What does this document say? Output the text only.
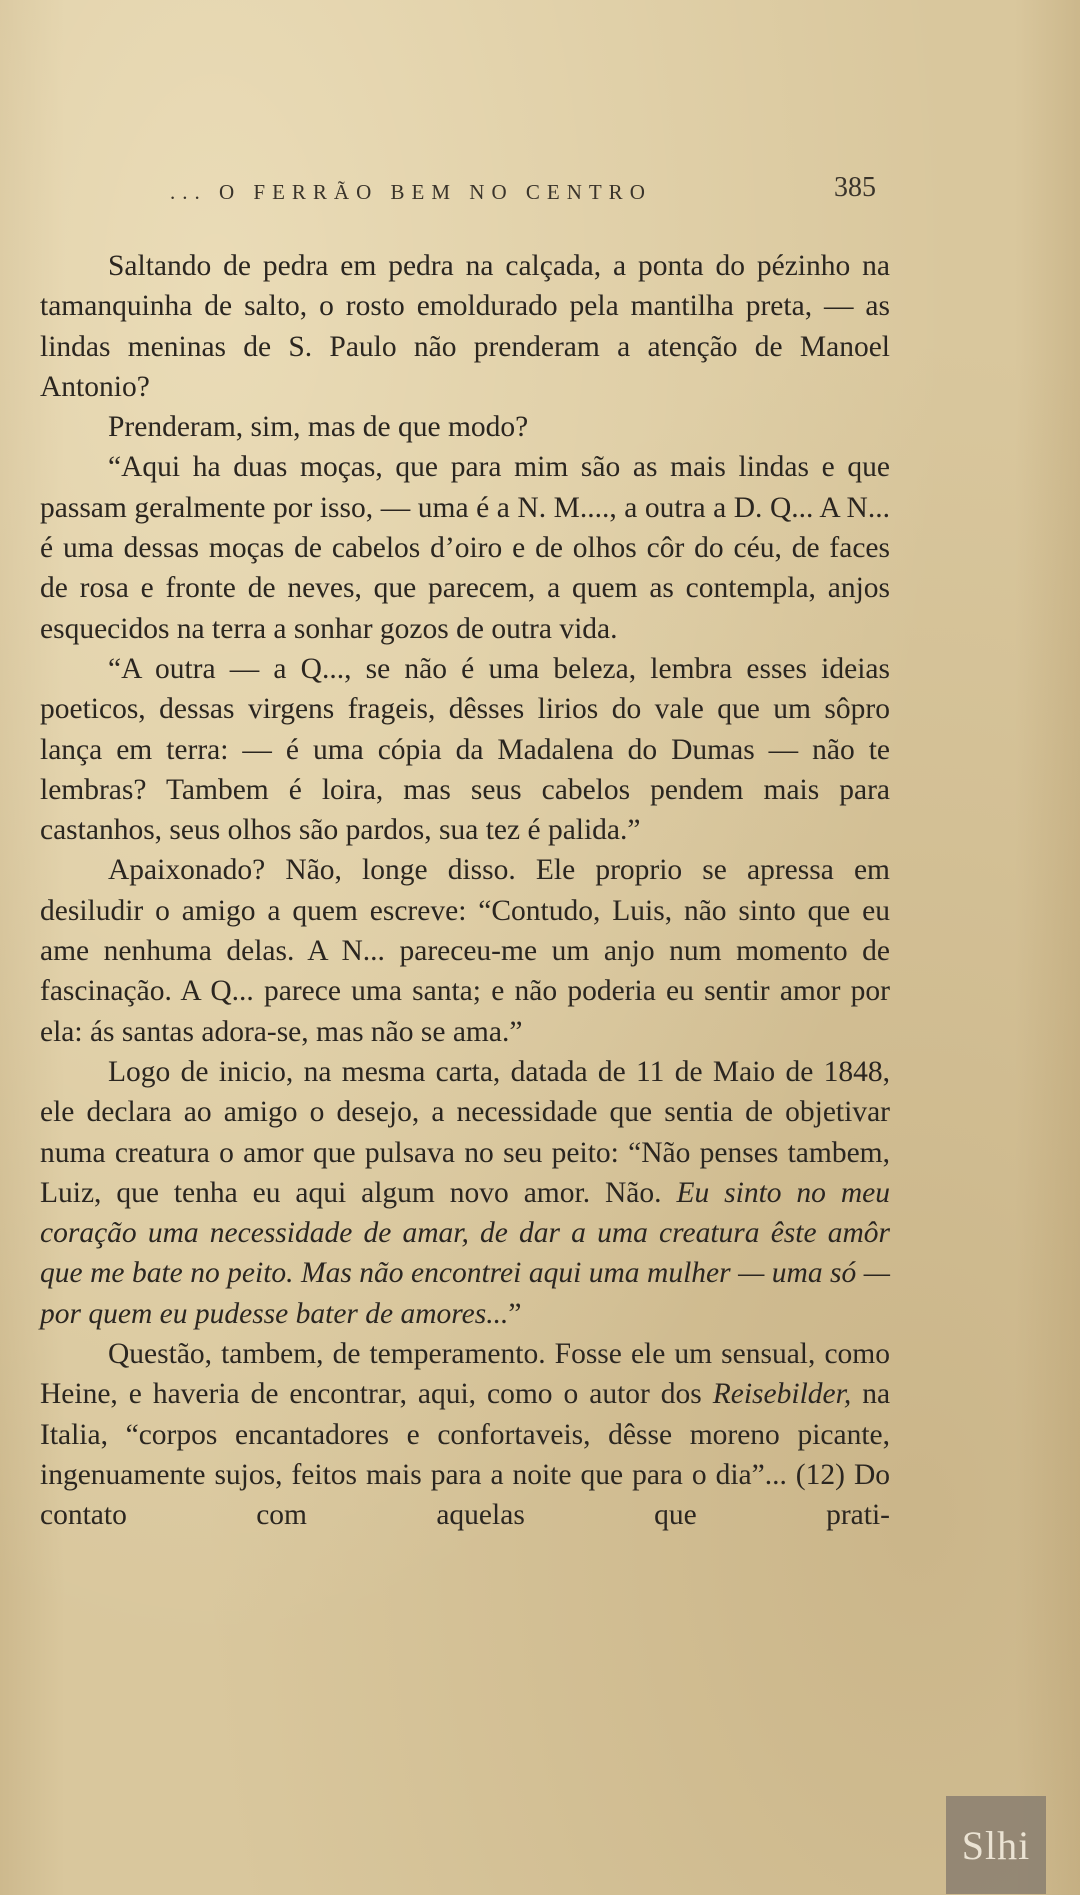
... O FERRÃO BEM NO CENTRO	385

Saltando de pedra em pedra na calçada, a ponta do pézinho na tamanquinha de salto, o rosto emoldurado pela mantilha preta, — as lindas meninas de S. Paulo não prenderam a atenção de Manoel Antonio?

Prenderam, sim, mas de que modo?

“Aqui ha duas moças, que para mim são as mais lindas e que passam geralmente por isso, — uma é a N. M...., a outra a D. Q... A N... é uma dessas moças de cabelos d’oiro e de olhos côr do céu, de faces de rosa e fronte de neves, que parecem, a quem as contempla, anjos esquecidos na terra a sonhar gozos de outra vida.

“A outra — a Q..., se não é uma beleza, lembra esses ideias poeticos, dessas virgens frageis, dêsses lirios do vale que um sôpro lança em terra: — é uma cópia da Madalena do Dumas — não te lembras? Tambem é loira, mas seus cabelos pendem mais para castanhos, seus olhos são pardos, sua tez é palida.”

Apaixonado? Não, longe disso. Ele proprio se apressa em desiludir o amigo a quem escreve: “Contudo, Luis, não sinto que eu ame nenhuma delas. A N... pareceu-me um anjo num momento de fascinação. A Q... parece uma santa; e não poderia eu sentir amor por ela: ás santas adora-se, mas não se ama.”

Logo de inicio, na mesma carta, datada de 11 de Maio de 1848, ele declara ao amigo o desejo, a necessidade que sentia de objetivar numa creatura o amor que pulsava no seu peito: “Não penses tambem, Luiz, que tenha eu aqui algum novo amor. Não. Eu sinto no meu coração uma necessidade de amar, de dar a uma creatura êste amôr que me bate no peito. Mas não encontrei aqui uma mulher — uma só — por quem eu pudesse bater de amores...”

Questão, tambem, de temperamento. Fosse ele um sensual, como Heine, e haveria de encontrar, aqui, como o autor dos Reisebilder, na Italia, “corpos encantadores e confortaveis, dêsse moreno picante, ingenuamente sujos, feitos mais para a noite que para o dia”... (12) Do contato com aquelas que prati-

Slhi
